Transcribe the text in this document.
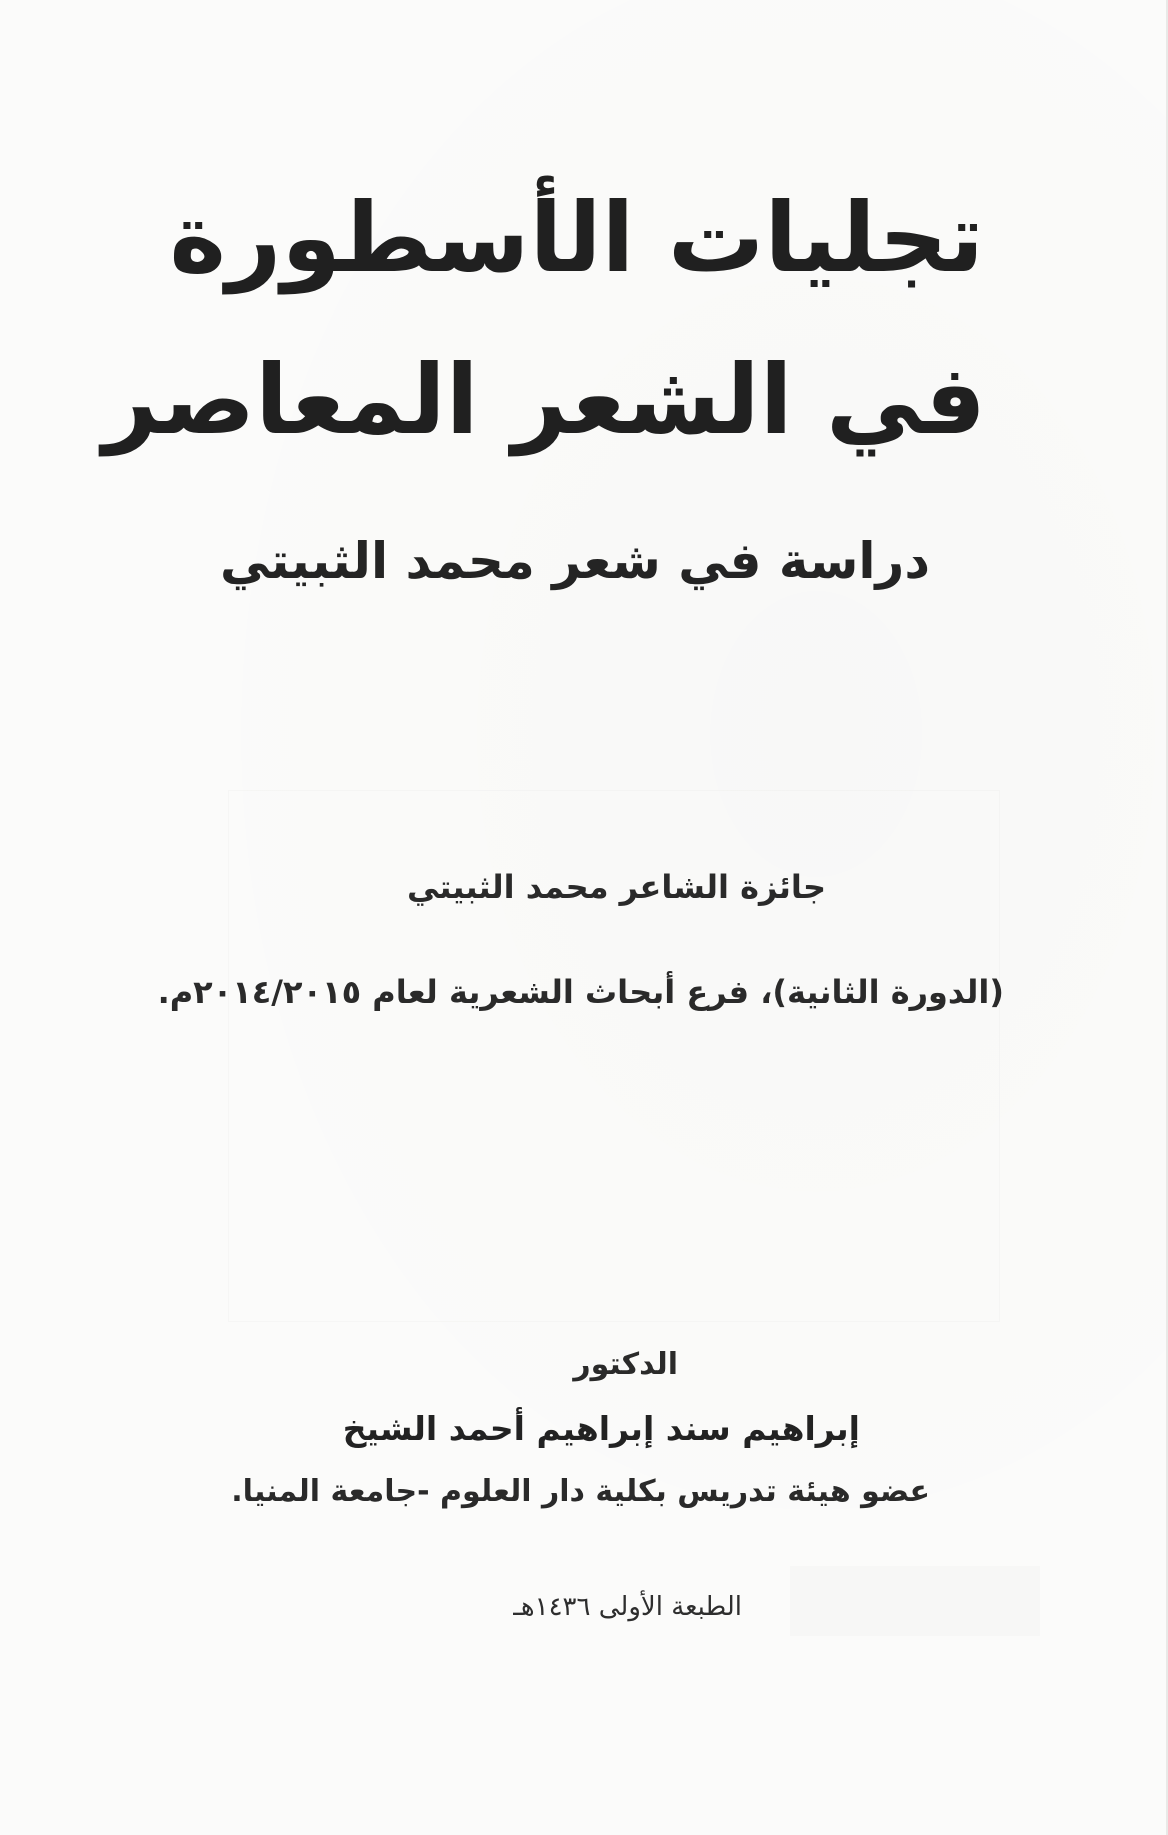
تجليات الأسطورة
في الشعر المعاصر
دراسة في شعر محمد الثبيتي
جائزة الشاعر محمد الثبيتي
(الدورة الثانية)، فرع أبحاث الشعرية لعام ٢٠١٤/٢٠١٥م.
الدكتور
إبراهيم سند إبراهيم أحمد الشيخ
عضو هيئة تدريس بكلية دار العلوم -جامعة المنيا.
الطبعة الأولى ١٤٣٦هـ
